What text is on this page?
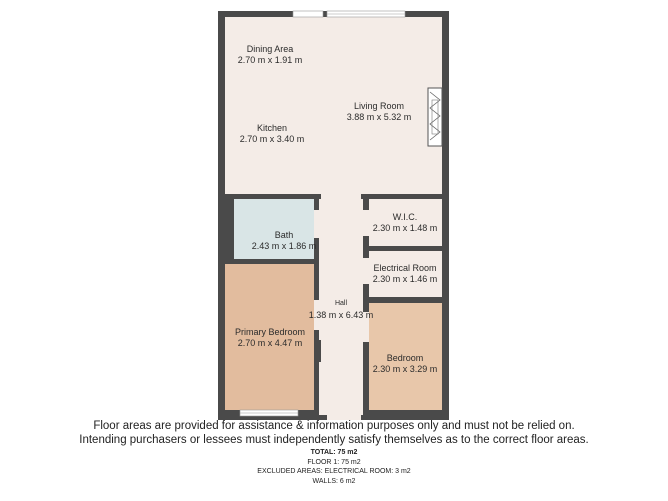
Dining Area
2.70 m x 1.91 m
Living Room
3.88 m x 5.32 m
Kitchen
2.70 m x 3.40 m
Bath
2.43 m x 1.86 m
W.I.C.
2.30 m x 1.48 m
Electrical Room
2.30 m x 1.46 m
Hall
1.38 m x 6.43 m
Primary Bedroom
2.70 m x 4.47 m
Bedroom
2.30 m x 3.29 m
Floor areas are provided for assistance & information purposes only and must not be relied on.
Intending purchasers or lessees must independently satisfy themselves as to the correct floor areas.
TOTAL: 75 m2
FLOOR 1: 75 m2
EXCLUDED AREAS: ELECTRICAL ROOM: 3 m2
WALLS: 6 m2
